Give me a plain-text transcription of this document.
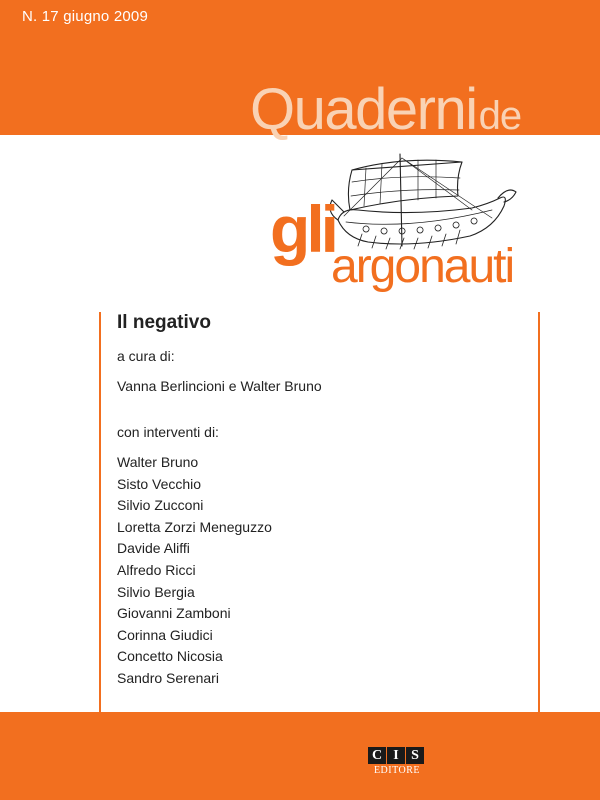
N. 17 giugno 2009
Quadernide
gli
argonauti
Il negativo

a cura di:

Vanna Berlincioni e Walter Bruno

con interventi di:

Walter Bruno
Sisto Vecchio
Silvio Zucconi
Loretta Zorzi Meneguzzo
Davide Aliffi
Alfredo Ricci
Silvio Bergia
Giovanni Zamboni
Corinna Giudici
Concetto Nicosia
Sandro Serenari
C I S
EDITORE
